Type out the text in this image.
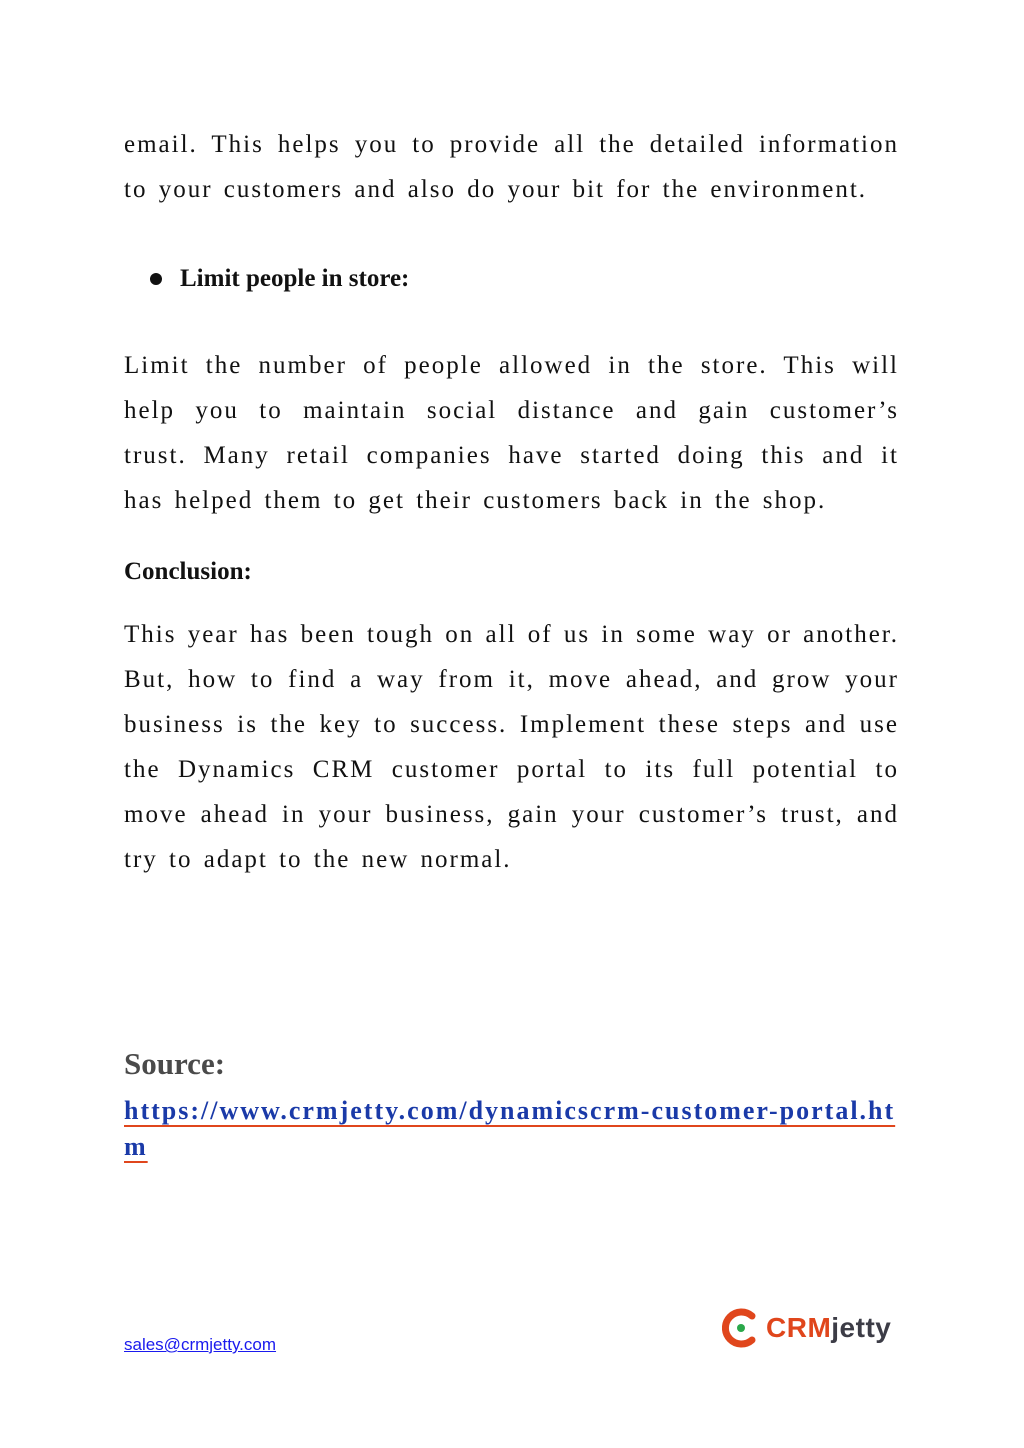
email. This helps you to provide all the detailed information to your customers and also do your bit for the environment.

Limit people in store:

Limit the number of people allowed in the store. This will help you to maintain social distance and gain customer’s trust. Many retail companies have started doing this and it has helped them to get their customers back in the shop.

Conclusion:

This year has been tough on all of us in some way or another. But, how to find a way from it, move ahead, and grow your business is the key to success. Implement these steps and use the Dynamics CRM customer portal to its full potential to move ahead in your business, gain your customer’s trust, and try to adapt to the new normal.

Source:
https://www.crmjetty.com/dynamicscrm-customer-portal.htm
sales@crmjetty.com
CRMjetty
